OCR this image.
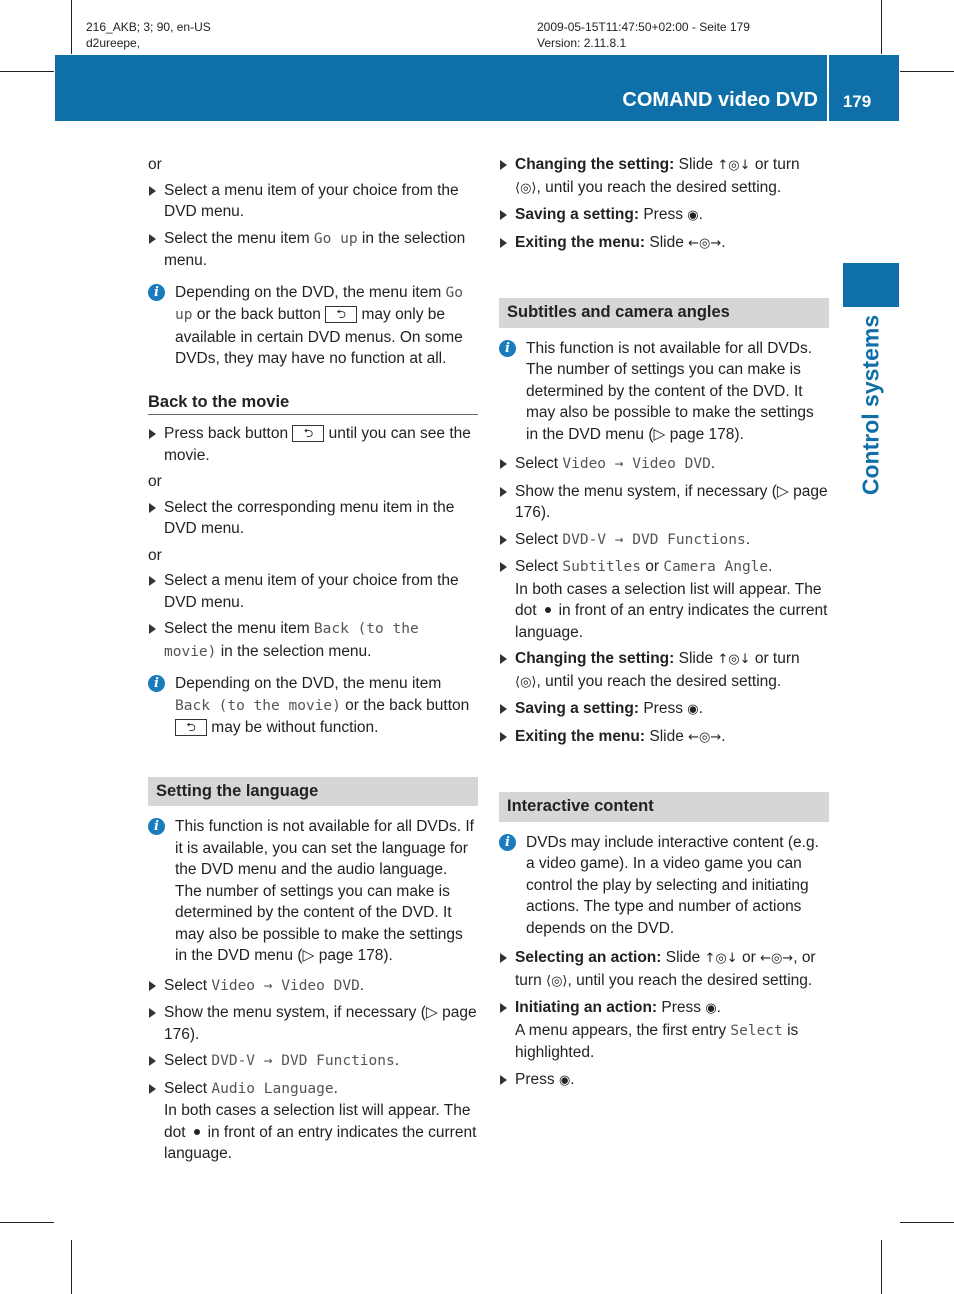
216_AKB; 3; 90, en-US
d2ureepe,
2009-05-15T11:47:50+02:00 - Seite 179
Version: 2.11.8.1
COMAND video DVD	179
Control systems

or

Select a menu item of your choice from the DVD menu.
Select the menu item Go up in the selection menu.
i	Depending on the DVD, the menu item Go up or the back button ⮌ may only be available in certain DVD menus. On some DVDs, they may have no function at all.
Back to the movie
Press back button ⮌ until you can see the movie.

or

Select the corresponding menu item in the DVD menu.

or

Select a menu item of your choice from the DVD menu.
Select the menu item Back (to the movie) in the selection menu.
i	Depending on the DVD, the menu item Back (to the movie) or the back button ⮌ may be without function.
Setting the language
i	This function is not available for all DVDs. If it is available, you can set the language for the DVD menu and the audio language. The number of settings you can make is determined by the content of the DVD. It may also be possible to make the settings in the DVD menu (▷ page 178).
Select Video → Video DVD.
Show the menu system, if necessary (▷ page 176).
Select DVD-V → DVD Functions.
Select Audio Language.
In both cases a selection list will appear. The dot in front of an entry indicates the current language.
Changing the setting: Slide ↑◎↓ or turn ⟨◎⟩, until you reach the desired setting.
Saving a setting: Press ◉.
Exiting the menu: Slide ←◎→.
Subtitles and camera angles
i	This function is not available for all DVDs. The number of settings you can make is determined by the content of the DVD. It may also be possible to make the settings in the DVD menu (▷ page 178).
Select Video → Video DVD.
Show the menu system, if necessary (▷ page 176).
Select DVD-V → DVD Functions.
Select Subtitles or Camera Angle.
In both cases a selection list will appear. The dot in front of an entry indicates the current language.
Changing the setting: Slide ↑◎↓ or turn ⟨◎⟩, until you reach the desired setting.
Saving a setting: Press ◉.
Exiting the menu: Slide ←◎→.
Interactive content
i	DVDs may include interactive content (e.g. a video game). In a video game you can control the play by selecting and initiating actions. The type and number of actions depends on the DVD.
Selecting an action: Slide ↑◎↓ or ←◎→, or turn ⟨◎⟩, until you reach the desired setting.
Initiating an action: Press ◉.
A menu appears, the first entry Select is highlighted.
Press ◉.
